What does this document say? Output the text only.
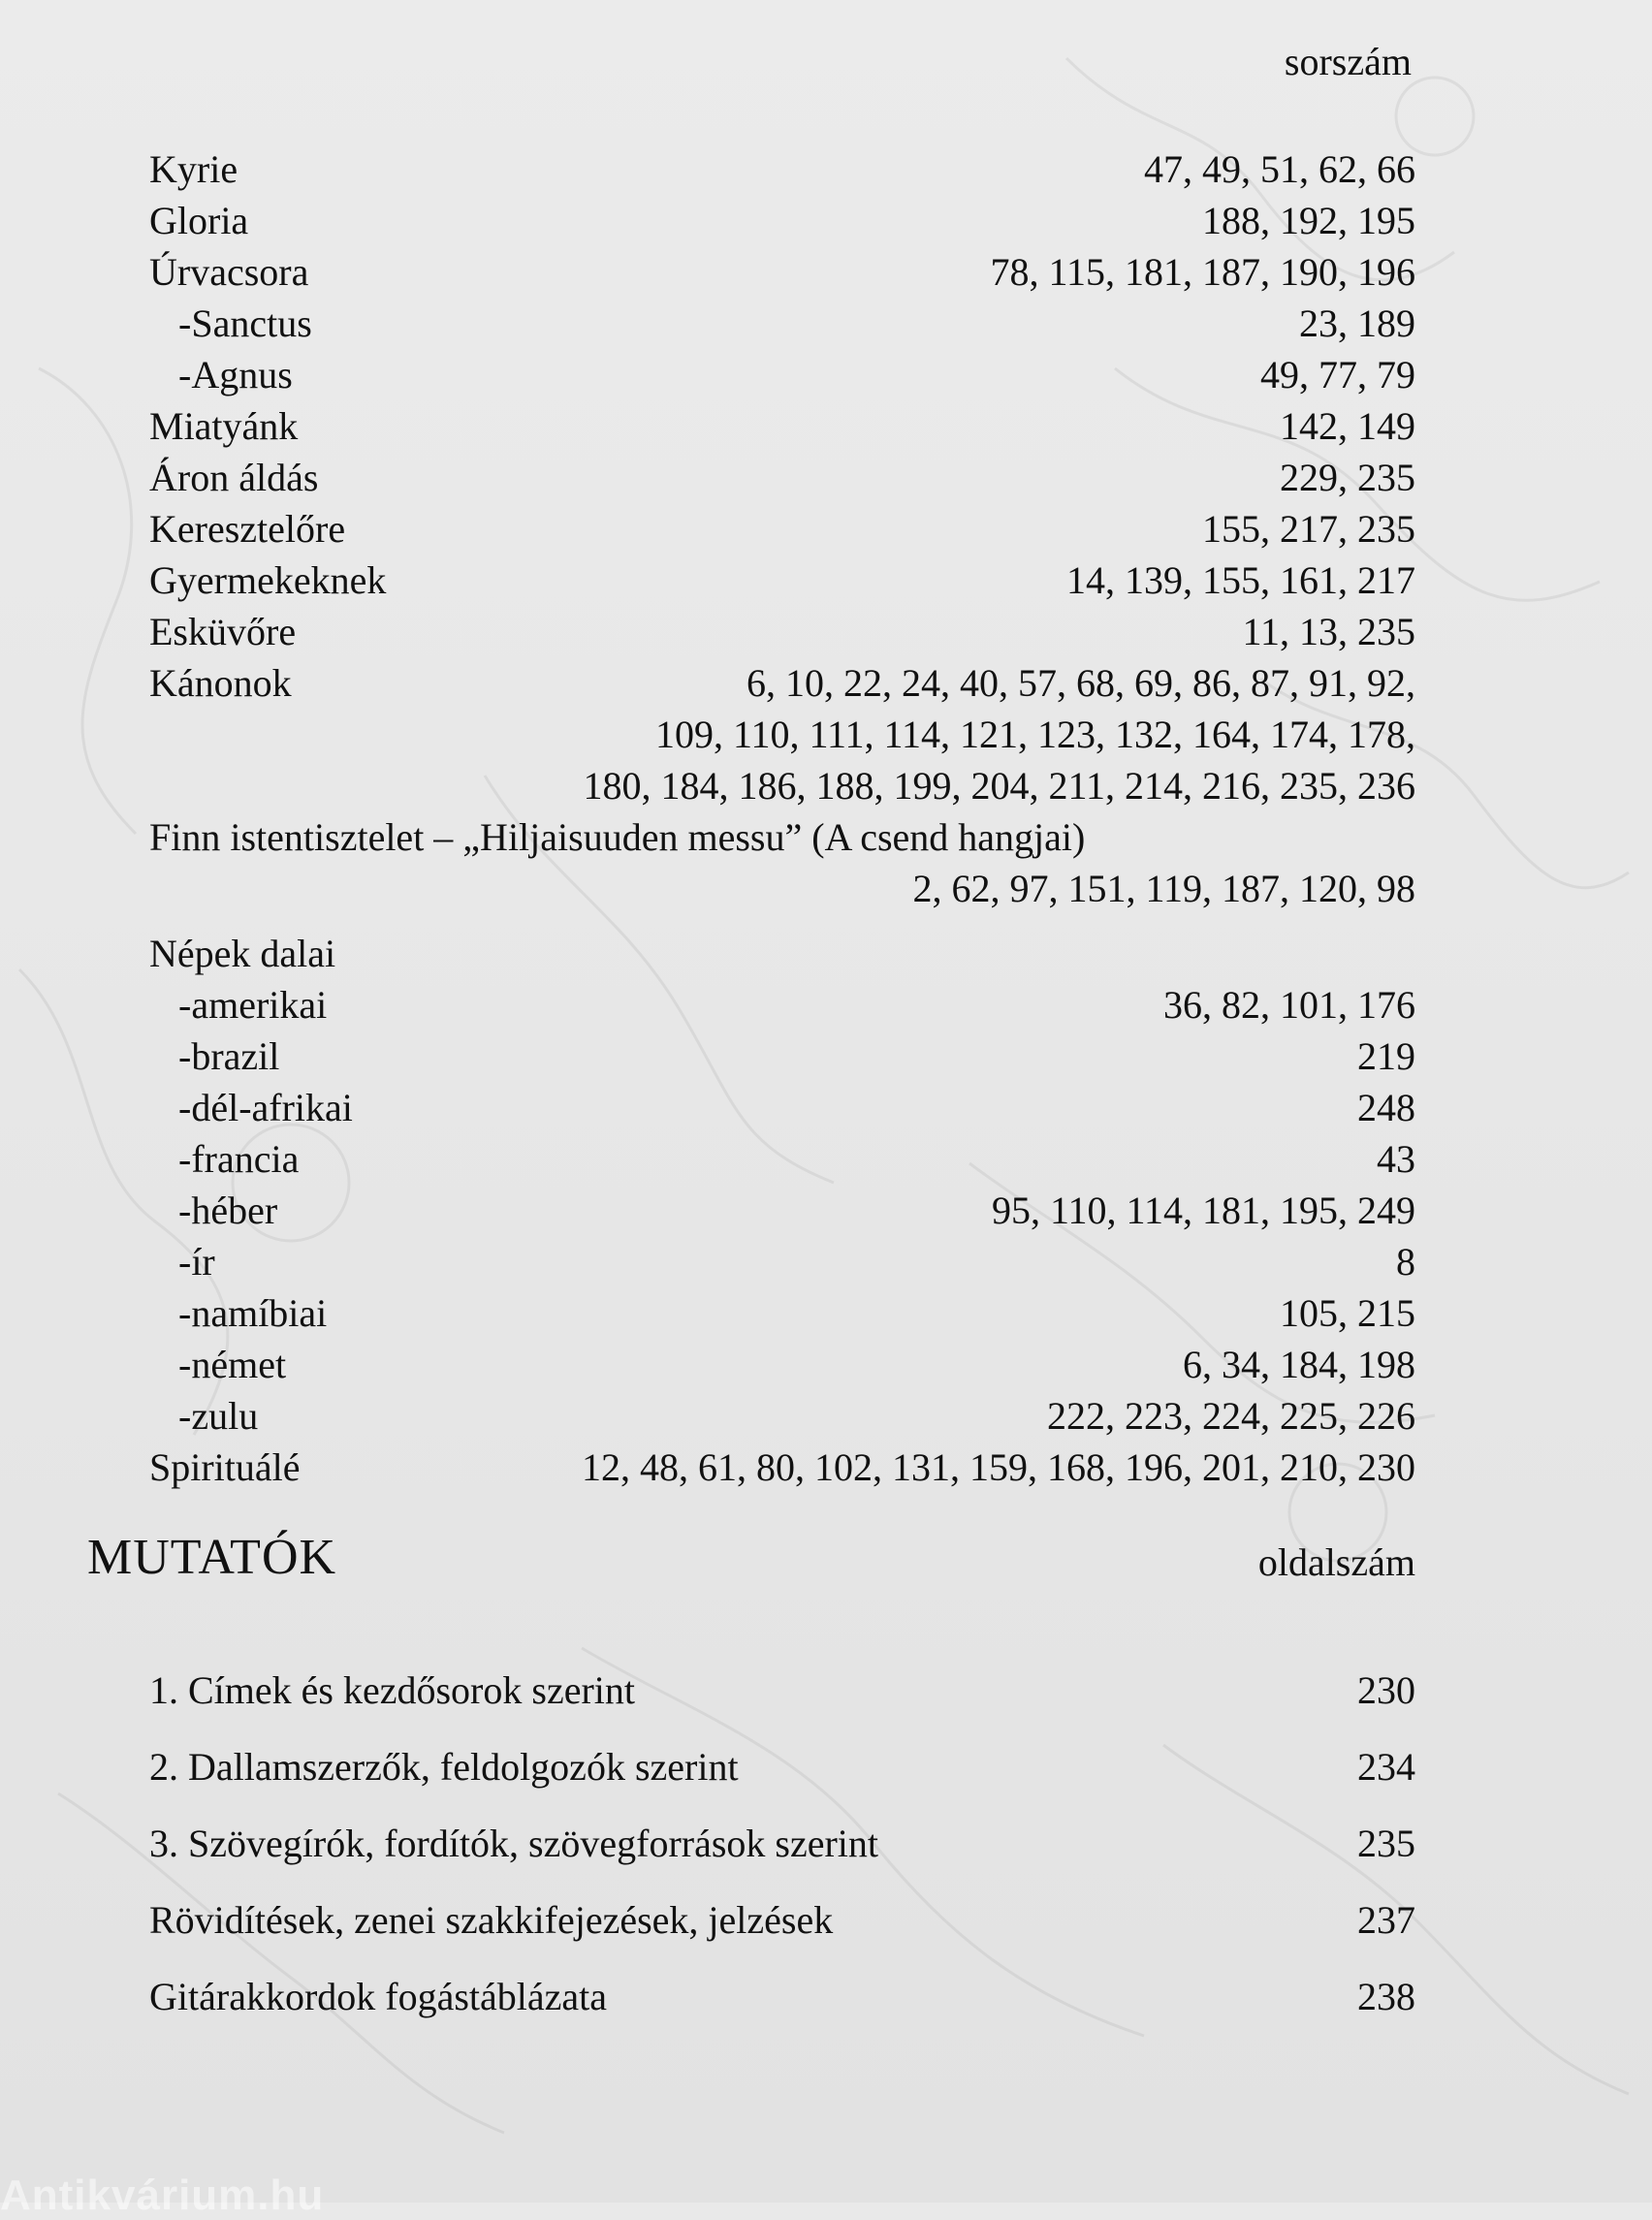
sorszám
Kyrie	47, 49, 51, 62, 66
Gloria	188, 192, 195
Úrvacsora	78, 115, 181, 187, 190, 196
-Sanctus	23, 189
-Agnus	49, 77, 79
Miatyánk	142, 149
Áron áldás	229, 235
Keresztelőre	155, 217, 235
Gyermekeknek	14, 139, 155, 161, 217
Esküvőre	11, 13, 235
Kánonok	6, 10, 22, 24, 40, 57, 68, 69, 86, 87, 91, 92,
109, 110, 111, 114, 121, 123, 132, 164, 174, 178,
180, 184, 186, 188, 199, 204, 211, 214, 216, 235, 236
Finn istentisztelet – „Hiljaisuuden messu” (A csend hangjai)
2, 62, 97, 151, 119, 187, 120, 98
Népek dalai
-amerikai	36, 82, 101, 176
-brazil	219
-dél-afrikai	248
-francia	43
-héber	95, 110, 114, 181, 195, 249
-ír	8
-namíbiai	105, 215
-német	6, 34, 184, 198
-zulu	222, 223, 224, 225, 226
Spirituálé	12, 48, 61, 80, 102, 131, 159, 168, 196, 201, 210, 230
MUTATÓK	oldalszám
1. Címek és kezdősorok szerint	230
2. Dallamszerzők, feldolgozók szerint	234
3. Szövegírók, fordítók, szövegforrások szerint	235
Rövidítések, zenei szakkifejezések, jelzések	237
Gitárakkordok fogástáblázata	238
Antikvárium.hu
